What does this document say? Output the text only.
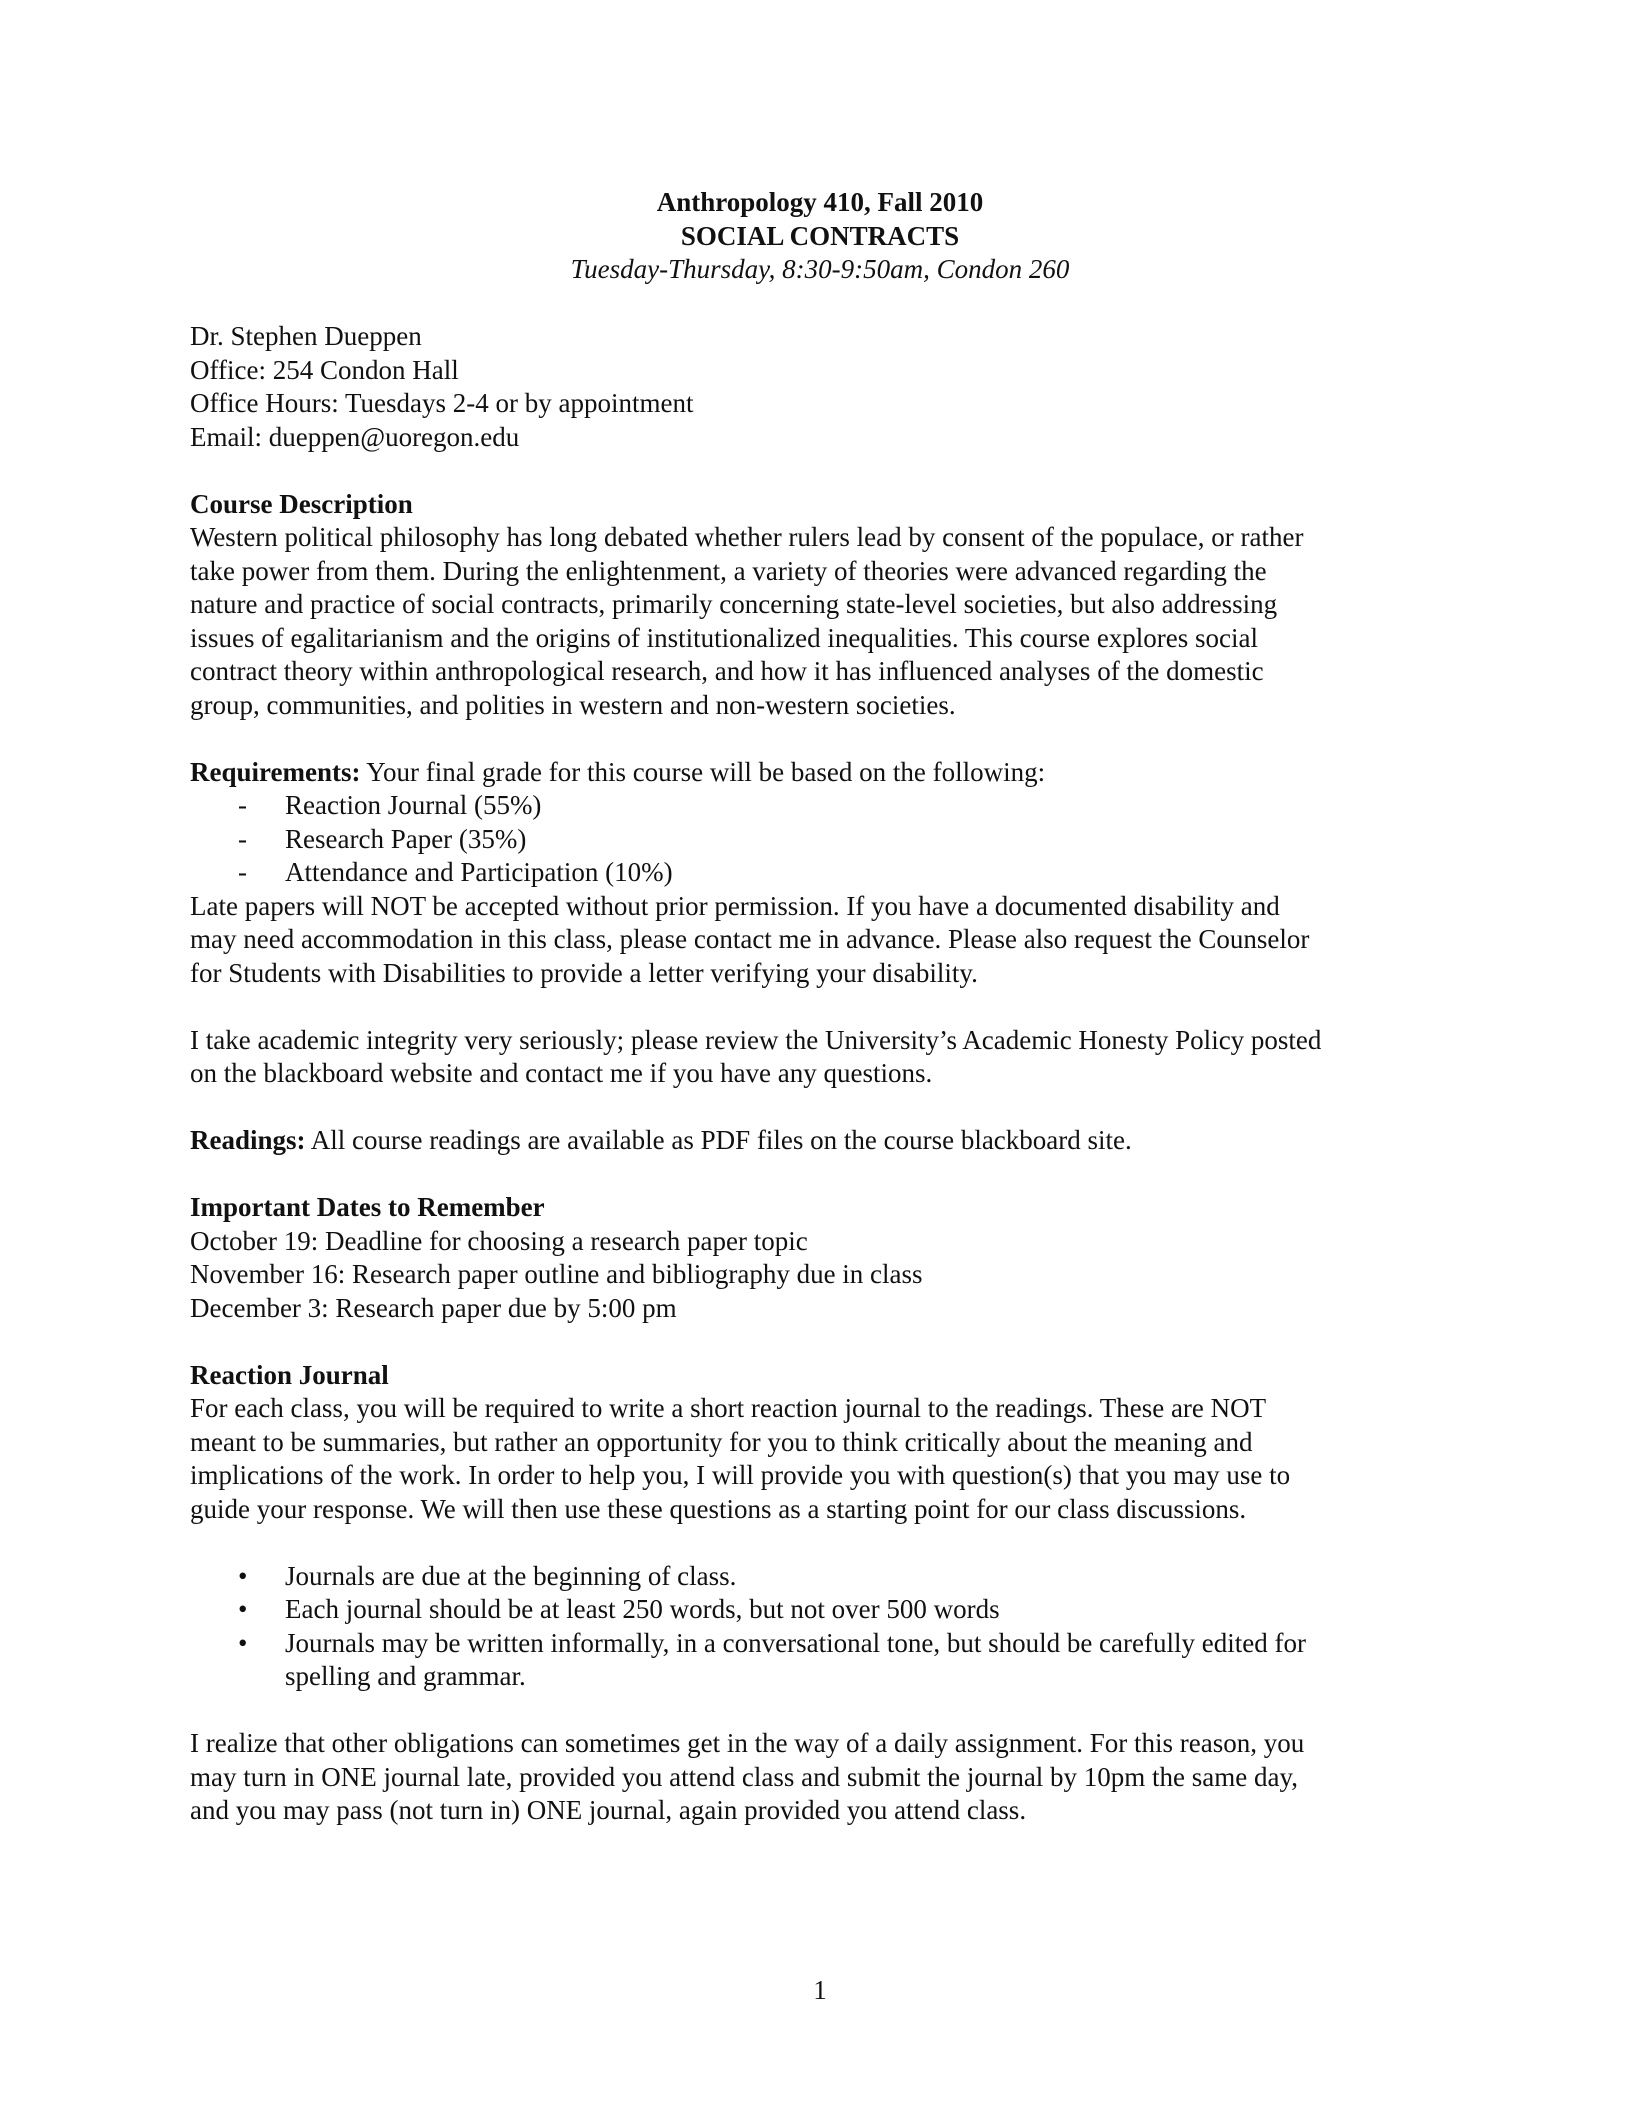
Anthropology 410, Fall 2010
SOCIAL CONTRACTS
Tuesday-Thursday, 8:30-9:50am, Condon 260
Dr. Stephen Dueppen
Office: 254 Condon Hall
Office Hours: Tuesdays 2-4 or by appointment
Email: dueppen@uoregon.edu
Course Description
Western political philosophy has long debated whether rulers lead by consent of the populace, or rather
take power from them. During the enlightenment, a variety of theories were advanced regarding the
nature and practice of social contracts, primarily concerning state-level societies, but also addressing
issues of egalitarianism and the origins of institutionalized inequalities. This course explores social
contract theory within anthropological research, and how it has influenced analyses of the domestic
group, communities, and polities in western and non-western societies.
Requirements: Your final grade for this course will be based on the following:
- Reaction Journal (55%)
- Research Paper (35%)
- Attendance and Participation (10%)
Late papers will NOT be accepted without prior permission. If you have a documented disability and
may need accommodation in this class, please contact me in advance. Please also request the Counselor
for Students with Disabilities to provide a letter verifying your disability.
I take academic integrity very seriously; please review the University’s Academic Honesty Policy posted
on the blackboard website and contact me if you have any questions.
Readings: All course readings are available as PDF files on the course blackboard site.
Important Dates to Remember
October 19: Deadline for choosing a research paper topic
November 16: Research paper outline and bibliography due in class
December 3: Research paper due by 5:00 pm
Reaction Journal
For each class, you will be required to write a short reaction journal to the readings. These are NOT
meant to be summaries, but rather an opportunity for you to think critically about the meaning and
implications of the work. In order to help you, I will provide you with question(s) that you may use to
guide your response. We will then use these questions as a starting point for our class discussions.
• Journals are due at the beginning of class.
• Each journal should be at least 250 words, but not over 500 words
• Journals may be written informally, in a conversational tone, but should be carefully edited for
spelling and grammar.
I realize that other obligations can sometimes get in the way of a daily assignment. For this reason, you
may turn in ONE journal late, provided you attend class and submit the journal by 10pm the same day,
and you may pass (not turn in) ONE journal, again provided you attend class.
1
